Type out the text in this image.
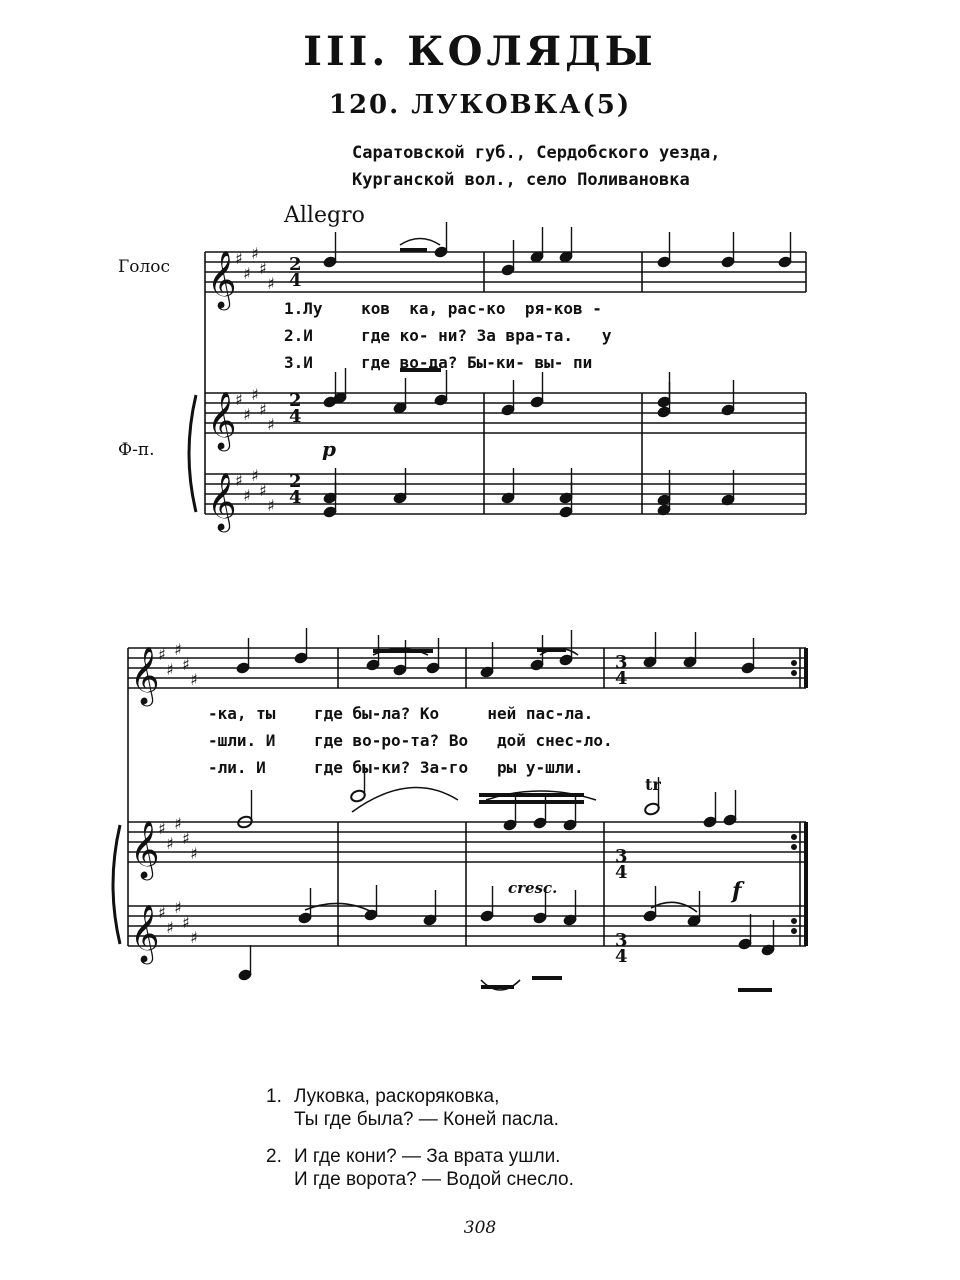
III. КОЛЯДЫ
120. ЛУКОВКА(5)
Саратовской губ., Сердобского уезда,
Курганской вол., село Поливановка
Allegro
Голос
Ф-п.
1.Лу    ков  ка, рас-ко  ря-ков -
2.И     где ко- ни? За вра-та.   у
3.И     где во-да? Бы-ки- вы- пи
-ка, ты    где бы-ла? Ко     ней пас-ла.
-шли. И    где во-ро-та? Во   дой снес-ло.
-ли. И     где бы-ки? За-го   ры у-шли.
𝄞
♯
♯
♯
♯
♯
𝄞
♯
♯
♯
♯
♯
𝄞
♯
♯
♯
♯
♯
𝄞
♯
♯
♯
♯
♯
𝄞
♯
♯
♯
♯
♯
𝄞
♯
♯
♯
♯
♯
2
4
2
4
2
4
3
4
3
4
3
4
p
cresc.	f
tr
1. Луковка, раскоряковка,
Ты где была? — Коней пасла.
2. И где кони? — За врата ушли.
И где ворота? — Водой снесло.
308
